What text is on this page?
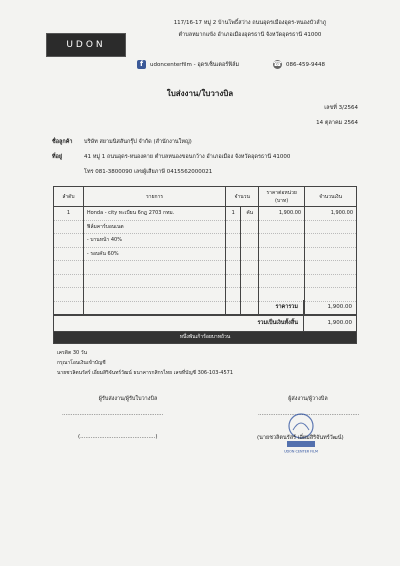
UDON
117/16-17 หมู่ 2 บ้านโพธิ์สว่าง ถนนอุดรเมืองอุดร-หนองบัวลำภู
ตำบลหมากแข้ง อำเภอเมืองอุดรธานี จังหวัดอุดรธานี 41000
f	udoncenterfilm - อุดรเซ็นเตอร์ฟิล์ม	☎ 086-459-9448
ใบส่งงาน/ใบวางบิล
เลขที่ 3/2564
14 ตุลาคม 2564
ชื่อลูกค้า บริษัท สยามนิสสันกรุ๊ป จำกัด (สำนักงานใหญ่)
ที่อยู่	41 หมู่ 1 ถนนอุดร-หนองคาย ตำบลหนองขอนกว้าง อำเภอเมือง จังหวัดอุดรธานี 41000
โทร 081-3800090 เลขผู้เสียภาษี 0415562000021
ลำดับ	รายการ	จำนวน		ราคาต่อหน่วย (บาท)	จำนวนเงิน
1	Honda - city ทะเบียน 6กฎ 2703 กทม.	1	คัน	1,900.00	1,900.00
	ฟิล์มคาร์บอนเนต				
	- บานหน้า 40%				
	- รอบคัน 60%				

ราคารวม	1,900.00
รวมเป็นเงินทั้งสิ้น	1,900.00
หนึ่งพันเก้าร้อยบาทถ้วน
เครดิต 30 วัน
กรุณาโอนเงินเข้าบัญชี
นายชวลิตนรัสร์ เอี่ยมสิริจันทร์วัฒน์ ธนาคารกสิกรไทย เลขที่บัญชี 306-103-4571
ผู้รับส่งงาน/ผู้รับใบวางบิล
..........................................................
(...........................................)
ผู้ส่งงาน/ผู้วางบิล
..........................................................
UDON CENTER FILM
(นายชวลิตนรัสร์ เอี่ยมสิริจันทร์วัฒน์)
